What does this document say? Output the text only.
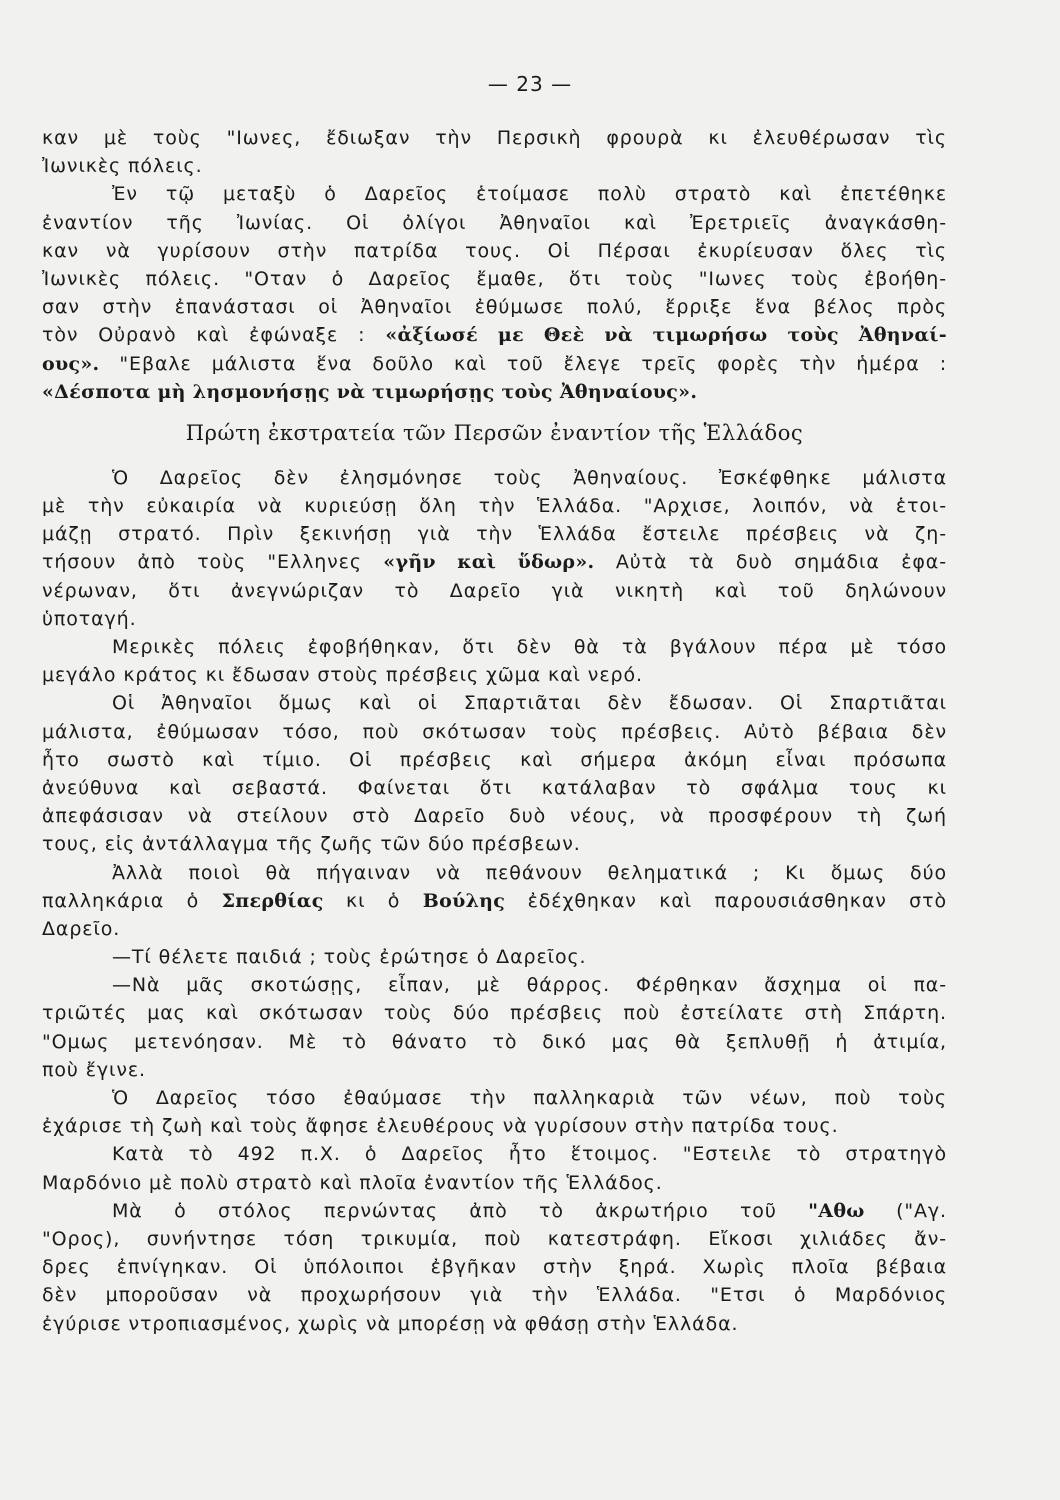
— 23 —
καν μὲ τοὺς "Ιωνες, ἔδιωξαν τὴν Περσικὴ φρουρὰ κι ἐλευθέρωσαν τὶς
Ἰωνικὲς πόλεις.
Ἐν τῷ μεταξὺ ὁ Δαρεῖος ἑτοίμασε πολὺ στρατὸ καὶ ἐπετέθηκε
ἐναντίον τῆς Ἰωνίας. Οἱ ὀλίγοι Ἀθηναῖοι καὶ Ἐρετριεῖς ἀναγκάσθη-
καν νὰ γυρίσουν στὴν πατρίδα τους. Οἱ Πέρσαι ἐκυρίευσαν ὅλες τὶς
Ἰωνικὲς πόλεις. "Οταν ὁ Δαρεῖος ἔμαθε, ὅτι τοὺς "Ιωνες τοὺς ἐβοήθη-
σαν στὴν ἐπανάστασι οἱ Ἀθηναῖοι ἐθύμωσε πολύ, ἔρριξε ἕνα βέλος πρὸς
τὸν Οὐρανὸ καὶ ἐφώναξε : «ἀξίωσέ με Θεὲ νὰ τιμωρήσω τοὺς Ἀθηναί-
ους». "Εβαλε μάλιστα ἕνα δοῦλο καὶ τοῦ ἔλεγε τρεῖς φορὲς τὴν ἡμέρα :
«Δέσποτα μὴ λησμονήσῃς νὰ τιμωρήσῃς τοὺς Ἀθηναίους».
Πρώτη ἐκστρατεία τῶν Περσῶν ἐναντίον τῆς Ἑλλάδος
Ὁ Δαρεῖος δὲν ἐλησμόνησε τοὺς Ἀθηναίους. Ἐσκέφθηκε μάλιστα
μὲ τὴν εὐκαιρία νὰ κυριεύσῃ ὅλη τὴν Ἑλλάδα. "Αρχισε, λοιπόν, νὰ ἑτοι-
μάζῃ στρατό. Πρὶν ξεκινήσῃ γιὰ τὴν Ἑλλάδα ἔστειλε πρέσβεις νὰ ζη-
τήσουν ἀπὸ τοὺς "Ελληνες «γῆν καὶ ὕδωρ». Αὐτὰ τὰ δυὸ σημάδια ἐφα-
νέρωναν, ὅτι ἀνεγνώριζαν τὸ Δαρεῖο γιὰ νικητὴ καὶ τοῦ δηλώνουν
ὑποταγή.
Μερικὲς πόλεις ἐφοβήθηκαν, ὅτι δὲν θὰ τὰ βγάλουν πέρα μὲ τόσο
μεγάλο κράτος κι ἔδωσαν στοὺς πρέσβεις χῶμα καὶ νερό.
Οἱ Ἀθηναῖοι ὅμως καὶ οἱ Σπαρτιᾶται δὲν ἔδωσαν. Οἱ Σπαρτιᾶται
μάλιστα, ἐθύμωσαν τόσο, ποὺ σκότωσαν τοὺς πρέσβεις. Αὐτὸ βέβαια δὲν
ἦτο σωστὸ καὶ τίμιο. Οἱ πρέσβεις καὶ σήμερα ἀκόμη εἶναι πρόσωπα
ἀνεύθυνα καὶ σεβαστά. Φαίνεται ὅτι κατάλαβαν τὸ σφάλμα τους κι
ἀπεφάσισαν νὰ στείλουν στὸ Δαρεῖο δυὸ νέους, νὰ προσφέρουν τὴ ζωή
τους, εἰς ἀντάλλαγμα τῆς ζωῆς τῶν δύο πρέσβεων.
Ἀλλὰ ποιοὶ θὰ πήγαιναν νὰ πεθάνουν θεληματικά ; Κι ὅμως δύο
παλληκάρια ὁ Σπερθίας κι ὁ Βούλης ἐδέχθηκαν καὶ παρουσιάσθηκαν στὸ
Δαρεῖο.
—Τί θέλετε παιδιά ; τοὺς ἐρώτησε ὁ Δαρεῖος.
—Νὰ μᾶς σκοτώσῃς, εἶπαν, μὲ θάρρος. Φέρθηκαν ἄσχημα οἱ πα-
τριῶτές μας καὶ σκότωσαν τοὺς δύο πρέσβεις ποὺ ἐστείλατε στὴ Σπάρτη.
"Ομως μετενόησαν. Μὲ τὸ θάνατο τὸ δικό μας θὰ ξεπλυθῇ ἡ ἀτιμία,
ποὺ ἔγινε.
Ὁ Δαρεῖος τόσο ἐθαύμασε τὴν παλληκαριὰ τῶν νέων, ποὺ τοὺς
ἐχάρισε τὴ ζωὴ καὶ τοὺς ἄφησε ἐλευθέρους νὰ γυρίσουν στὴν πατρίδα τους.
Κατὰ τὸ 492 π.Χ. ὁ Δαρεῖος ἦτο ἕτοιμος. "Εστειλε τὸ στρατηγὸ
Μαρδόνιο μὲ πολὺ στρατὸ καὶ πλοῖα ἐναντίον τῆς Ἑλλάδος.
Μὰ ὁ στόλος περνώντας ἀπὸ τὸ ἀκρωτήριο τοῦ "Αθω ("Αγ.
"Ορος), συνήντησε τόση τρικυμία, ποὺ κατεστράφη. Εἴκοσι χιλιάδες ἄν-
δρες ἐπνίγηκαν. Οἱ ὑπόλοιποι ἐβγῆκαν στὴν ξηρά. Χωρὶς πλοῖα βέβαια
δὲν μποροῦσαν νὰ προχωρήσουν γιὰ τὴν Ἑλλάδα. "Ετσι ὁ Μαρδόνιος
ἐγύρισε ντροπιασμένος, χωρὶς νὰ μπορέσῃ νὰ φθάσῃ στὴν Ἑλλάδα.
